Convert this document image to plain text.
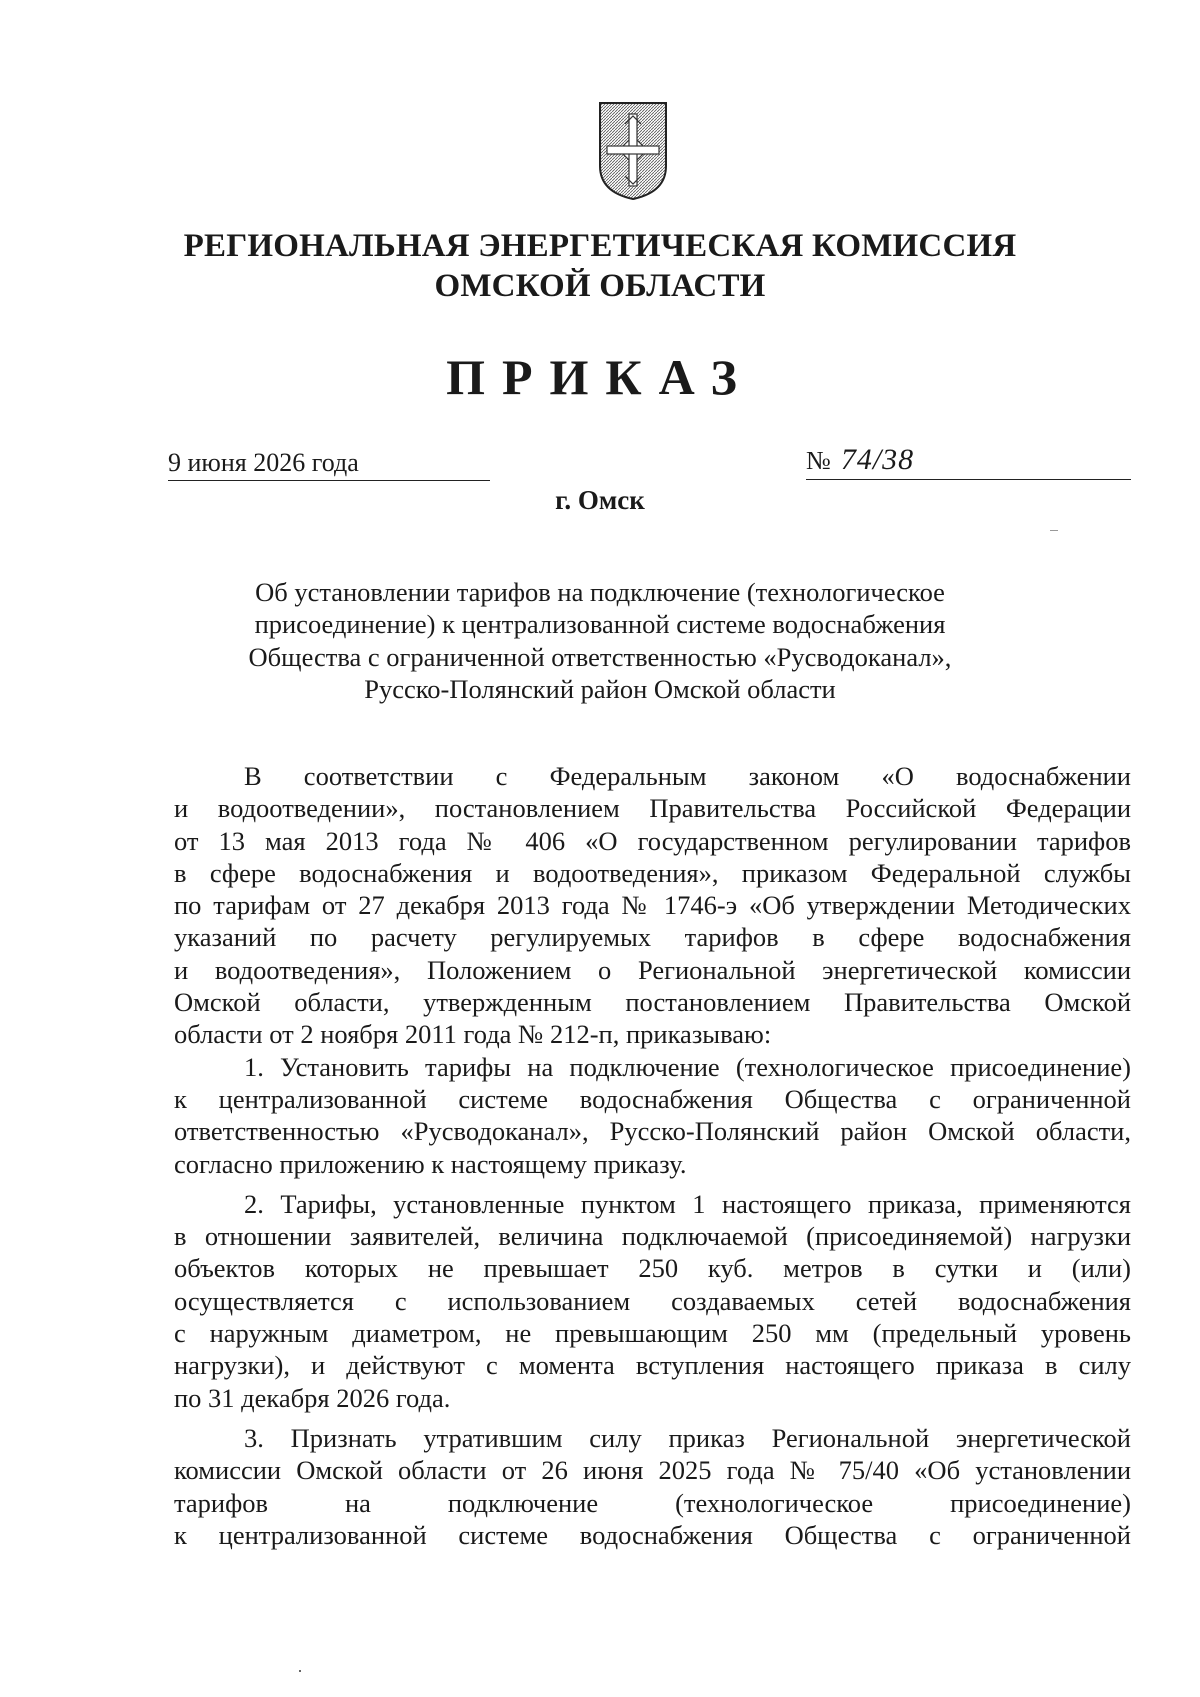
РЕГИОНАЛЬНАЯ ЭНЕРГЕТИЧЕСКАЯ КОМИССИЯ
ОМСКОЙ ОБЛАСТИ
ПРИКАЗ
9 июня 2026 года	№ 74/38
г. Омск
Об установлении тарифов на подключение (технологическое
присоединение) к централизованной системе водоснабжения
Общества с ограниченной ответственностью «Русводоканал»,
Русско-Полянский район Омской области
В соответствии с Федеральным законом «О водоснабжении
и водоотведении», постановлением Правительства Российской Федерации
от 13 мая 2013 года № 406 «О государственном регулировании тарифов
в сфере водоснабжения и водоотведения», приказом Федеральной службы
по тарифам от 27 декабря 2013 года № 1746-э «Об утверждении Методических
указаний по расчету регулируемых тарифов в сфере водоснабжения
и водоотведения», Положением о Региональной энергетической комиссии
Омской области, утвержденным постановлением Правительства Омской
области от 2 ноября 2011 года № 212-п, приказываю:
1. Установить тарифы на подключение (технологическое присоединение)
к централизованной системе водоснабжения Общества с ограниченной
ответственностью «Русводоканал», Русско-Полянский район Омской области,
согласно приложению к настоящему приказу.
2. Тарифы, установленные пунктом 1 настоящего приказа, применяются
в отношении заявителей, величина подключаемой (присоединяемой) нагрузки
объектов которых не превышает 250 куб. метров в сутки и (или)
осуществляется с использованием создаваемых сетей водоснабжения
с наружным диаметром, не превышающим 250 мм (предельный уровень
нагрузки), и действуют с момента вступления настоящего приказа в силу
по 31 декабря 2026 года.
3. Признать утратившим силу приказ Региональной энергетической
комиссии Омской области от 26 июня 2025 года № 75/40 «Об установлении
тарифов на подключение (технологическое присоединение)
к централизованной системе водоснабжения Общества с ограниченной
